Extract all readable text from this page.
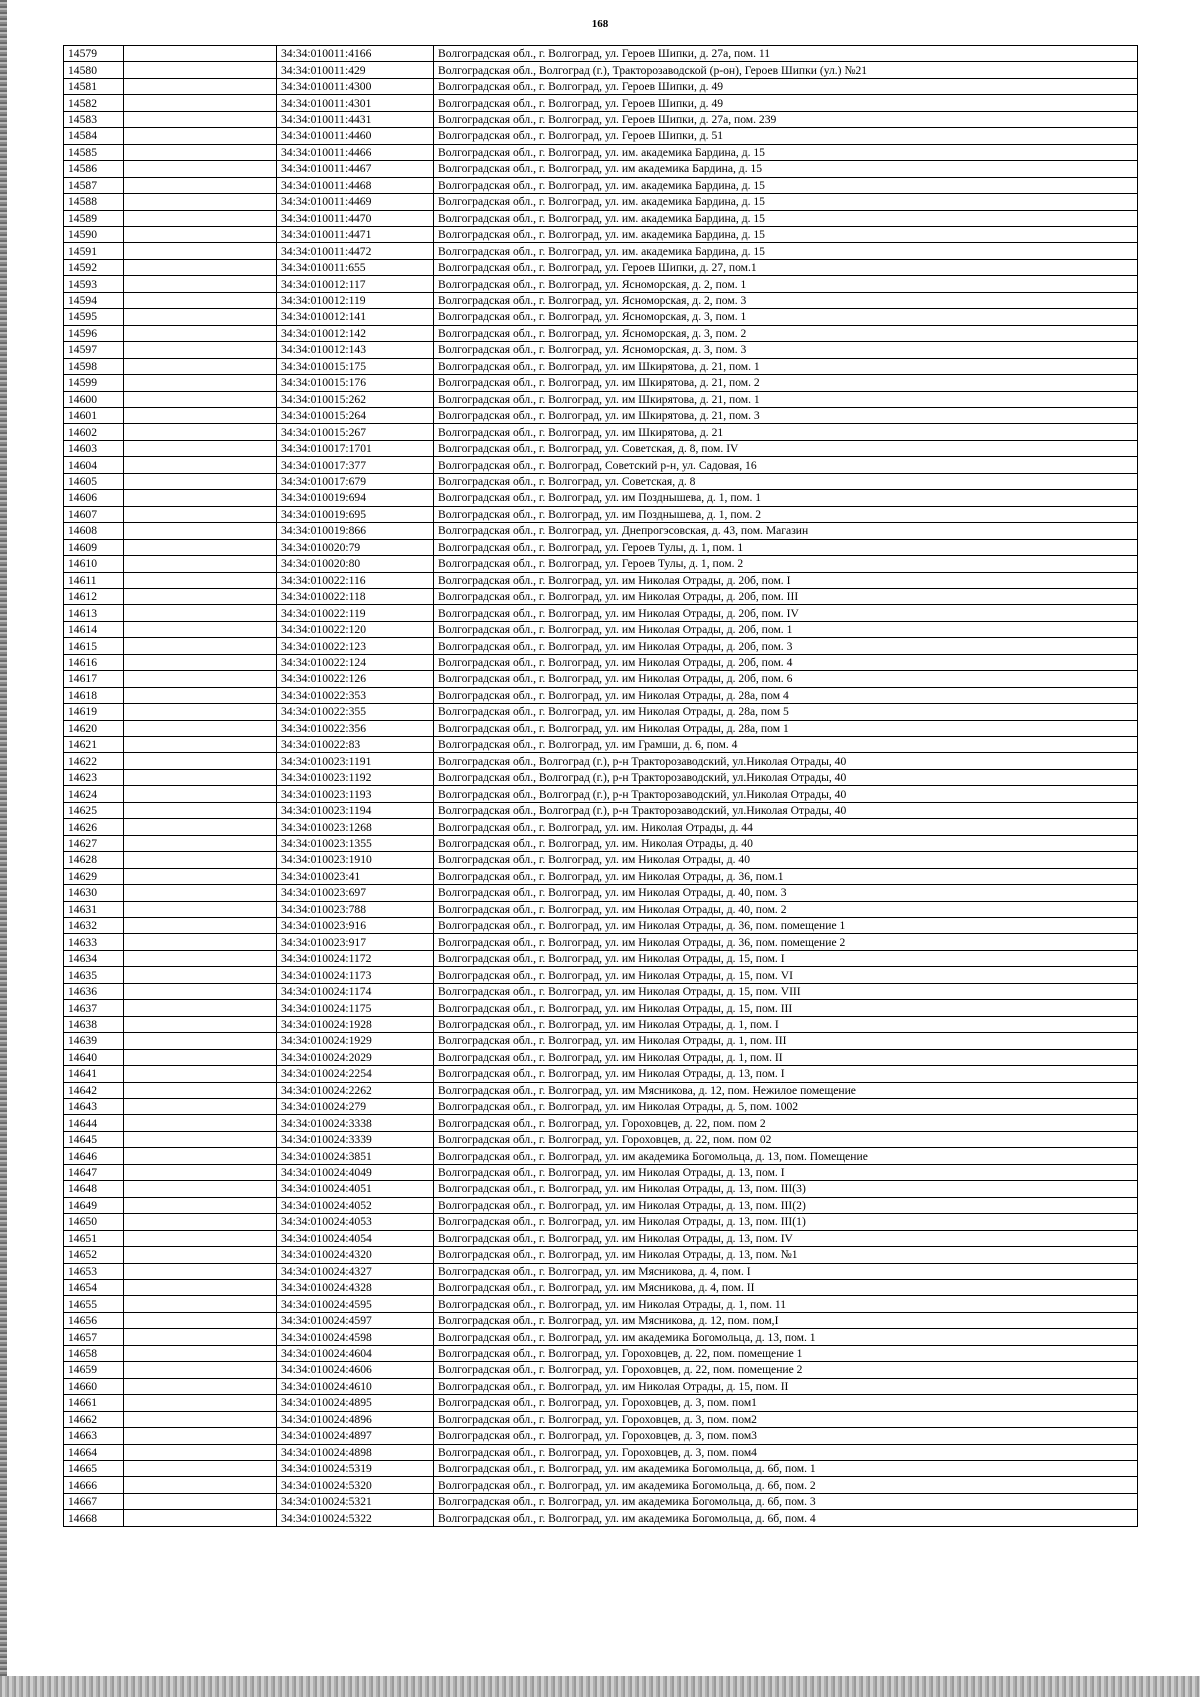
168
14579		34:34:010011:4166	Волгоградская обл., г. Волгоград, ул. Героев Шипки, д. 27а, пом. 11
14580		34:34:010011:429	Волгоградская обл., Волгоград (г.), Тракторозаводской (р-он), Героев Шипки (ул.) №21
14581		34:34:010011:4300	Волгоградская обл., г. Волгоград, ул. Героев Шипки, д. 49
14582		34:34:010011:4301	Волгоградская обл., г. Волгоград, ул. Героев Шипки, д. 49
14583		34:34:010011:4431	Волгоградская обл., г. Волгоград, ул. Героев Шипки, д. 27а, пом. 239
14584		34:34:010011:4460	Волгоградская обл., г. Волгоград, ул. Героев Шипки, д. 51
14585		34:34:010011:4466	Волгоградская обл., г. Волгоград, ул. им. академика Бардина, д. 15
14586		34:34:010011:4467	Волгоградская обл., г. Волгоград, ул. им академика Бардина, д. 15
14587		34:34:010011:4468	Волгоградская обл., г. Волгоград, ул. им. академика Бардина, д. 15
14588		34:34:010011:4469	Волгоградская обл., г. Волгоград, ул. им. академика Бардина, д. 15
14589		34:34:010011:4470	Волгоградская обл., г. Волгоград, ул. им. академика Бардина, д. 15
14590		34:34:010011:4471	Волгоградская обл., г. Волгоград, ул. им. академика Бардина, д. 15
14591		34:34:010011:4472	Волгоградская обл., г. Волгоград, ул. им. академика Бардина, д. 15
14592		34:34:010011:655	Волгоградская обл., г. Волгоград, ул. Героев Шипки, д. 27, пом.1
14593		34:34:010012:117	Волгоградская обл., г. Волгоград, ул. Ясноморская, д. 2, пом. 1
14594		34:34:010012:119	Волгоградская обл., г. Волгоград, ул. Ясноморская, д. 2, пом. 3
14595		34:34:010012:141	Волгоградская обл., г. Волгоград, ул. Ясноморская, д. 3, пом. 1
14596		34:34:010012:142	Волгоградская обл., г. Волгоград, ул. Ясноморская, д. 3, пом. 2
14597		34:34:010012:143	Волгоградская обл., г. Волгоград, ул. Ясноморская, д. 3, пом. 3
14598		34:34:010015:175	Волгоградская обл., г. Волгоград, ул. им Шкирятова, д. 21, пом. 1
14599		34:34:010015:176	Волгоградская обл., г. Волгоград, ул. им Шкирятова, д. 21, пом. 2
14600		34:34:010015:262	Волгоградская обл., г. Волгоград, ул. им Шкирятова, д. 21, пом. 1
14601		34:34:010015:264	Волгоградская обл., г. Волгоград, ул. им Шкирятова, д. 21, пом. 3
14602		34:34:010015:267	Волгоградская обл., г. Волгоград, ул. им Шкирятова, д. 21
14603		34:34:010017:1701	Волгоградская обл., г. Волгоград, ул. Советская, д. 8, пом. IV
14604		34:34:010017:377	Волгоградская обл., г. Волгоград, Советский р-н, ул. Садовая, 16
14605		34:34:010017:679	Волгоградская обл., г. Волгоград, ул. Советская, д. 8
14606		34:34:010019:694	Волгоградская обл., г. Волгоград, ул. им Позднышева, д. 1, пом. 1
14607		34:34:010019:695	Волгоградская обл., г. Волгоград, ул. им Позднышева, д. 1, пом. 2
14608		34:34:010019:866	Волгоградская обл., г. Волгоград, ул. Днепрогэсовская, д. 43, пом. Магазин
14609		34:34:010020:79	Волгоградская обл., г. Волгоград, ул. Героев Тулы, д. 1, пом. 1
14610		34:34:010020:80	Волгоградская обл., г. Волгоград, ул. Героев Тулы, д. 1, пом. 2
14611		34:34:010022:116	Волгоградская обл., г. Волгоград, ул. им Николая Отрады, д. 20б, пом. I
14612		34:34:010022:118	Волгоградская обл., г. Волгоград, ул. им Николая Отрады, д. 20б, пом. III
14613		34:34:010022:119	Волгоградская обл., г. Волгоград, ул. им Николая Отрады, д. 20б, пом. IV
14614		34:34:010022:120	Волгоградская обл., г. Волгоград, ул. им Николая Отрады, д. 20б, пом. 1
14615		34:34:010022:123	Волгоградская обл., г. Волгоград, ул. им Николая Отрады, д. 20б, пом. 3
14616		34:34:010022:124	Волгоградская обл., г. Волгоград, ул. им Николая Отрады, д. 20б, пом. 4
14617		34:34:010022:126	Волгоградская обл., г. Волгоград, ул. им Николая Отрады, д. 20б, пом. 6
14618		34:34:010022:353	Волгоградская обл., г. Волгоград, ул. им Николая Отрады, д. 28а, пом 4
14619		34:34:010022:355	Волгоградская обл., г. Волгоград, ул. им Николая Отрады, д. 28а, пом 5
14620		34:34:010022:356	Волгоградская обл., г. Волгоград, ул. им Николая Отрады, д. 28а, пом 1
14621		34:34:010022:83	Волгоградская обл., г. Волгоград, ул. им Грамши, д. 6, пом. 4
14622		34:34:010023:1191	Волгоградская обл., Волгоград (г.), р-н Тракторозаводский, ул.Николая Отрады, 40
14623		34:34:010023:1192	Волгоградская обл., Волгоград (г.), р-н Тракторозаводский, ул.Николая Отрады, 40
14624		34:34:010023:1193	Волгоградская обл., Волгоград (г.), р-н Тракторозаводский, ул.Николая Отрады, 40
14625		34:34:010023:1194	Волгоградская обл., Волгоград (г.), р-н Тракторозаводский, ул.Николая Отрады, 40
14626		34:34:010023:1268	Волгоградская обл., г. Волгоград, ул. им. Николая Отрады, д. 44
14627		34:34:010023:1355	Волгоградская обл., г. Волгоград, ул. им. Николая Отрады, д. 40
14628		34:34:010023:1910	Волгоградская обл., г. Волгоград, ул. им Николая Отрады, д. 40
14629		34:34:010023:41	Волгоградская обл., г. Волгоград, ул. им Николая Отрады, д. 36, пом.1
14630		34:34:010023:697	Волгоградская обл., г. Волгоград, ул. им Николая Отрады, д. 40, пом. 3
14631		34:34:010023:788	Волгоградская обл., г. Волгоград, ул. им Николая Отрады, д. 40, пом. 2
14632		34:34:010023:916	Волгоградская обл., г. Волгоград, ул. им Николая Отрады, д. 36, пом. помещение 1
14633		34:34:010023:917	Волгоградская обл., г. Волгоград, ул. им Николая Отрады, д. 36, пом. помещение 2
14634		34:34:010024:1172	Волгоградская обл., г. Волгоград, ул. им Николая Отрады, д. 15, пом. I
14635		34:34:010024:1173	Волгоградская обл., г. Волгоград, ул. им Николая Отрады, д. 15, пом. VI
14636		34:34:010024:1174	Волгоградская обл., г. Волгоград, ул. им Николая Отрады, д. 15, пом. VIII
14637		34:34:010024:1175	Волгоградская обл., г. Волгоград, ул. им Николая Отрады, д. 15, пом. III
14638		34:34:010024:1928	Волгоградская обл., г. Волгоград, ул. им Николая Отрады, д. 1, пом. I
14639		34:34:010024:1929	Волгоградская обл., г. Волгоград, ул. им Николая Отрады, д. 1, пом. III
14640		34:34:010024:2029	Волгоградская обл., г. Волгоград, ул. им Николая Отрады, д. 1, пом. II
14641		34:34:010024:2254	Волгоградская обл., г. Волгоград, ул. им Николая Отрады, д. 13, пом. I
14642		34:34:010024:2262	Волгоградская обл., г. Волгоград, ул. им Мясникова, д. 12, пом. Нежилое помещение
14643		34:34:010024:279	Волгоградская обл., г. Волгоград, ул. им Николая Отрады, д. 5, пом. 1002
14644		34:34:010024:3338	Волгоградская обл., г. Волгоград, ул. Гороховцев, д. 22, пом. пом 2
14645		34:34:010024:3339	Волгоградская обл., г. Волгоград, ул. Гороховцев, д. 22, пом. пом 02
14646		34:34:010024:3851	Волгоградская обл., г. Волгоград, ул. им академика Богомольца, д. 13, пом. Помещение
14647		34:34:010024:4049	Волгоградская обл., г. Волгоград, ул. им Николая Отрады, д. 13, пом. I
14648		34:34:010024:4051	Волгоградская обл., г. Волгоград, ул. им Николая Отрады, д. 13, пом. III(3)
14649		34:34:010024:4052	Волгоградская обл., г. Волгоград, ул. им Николая Отрады, д. 13, пом. III(2)
14650		34:34:010024:4053	Волгоградская обл., г. Волгоград, ул. им Николая Отрады, д. 13, пом. III(1)
14651		34:34:010024:4054	Волгоградская обл., г. Волгоград, ул. им Николая Отрады, д. 13, пом. IV
14652		34:34:010024:4320	Волгоградская обл., г. Волгоград, ул. им Николая Отрады, д. 13, пом. №1
14653		34:34:010024:4327	Волгоградская обл., г. Волгоград, ул. им Мясникова, д. 4, пом. I
14654		34:34:010024:4328	Волгоградская обл., г. Волгоград, ул. им Мясникова, д. 4, пом. II
14655		34:34:010024:4595	Волгоградская обл., г. Волгоград, ул. им Николая Отрады, д. 1, пом. 11
14656		34:34:010024:4597	Волгоградская обл., г. Волгоград, ул. им Мясникова, д. 12, пом. пом,I
14657		34:34:010024:4598	Волгоградская обл., г. Волгоград, ул. им академика Богомольца, д. 13, пом. 1
14658		34:34:010024:4604	Волгоградская обл., г. Волгоград, ул. Гороховцев, д. 22, пом. помещение 1
14659		34:34:010024:4606	Волгоградская обл., г. Волгоград, ул. Гороховцев, д. 22, пом. помещение 2
14660		34:34:010024:4610	Волгоградская обл., г. Волгоград, ул. им Николая Отрады, д. 15, пом. II
14661		34:34:010024:4895	Волгоградская обл., г. Волгоград, ул. Гороховцев, д. 3, пом. пом1
14662		34:34:010024:4896	Волгоградская обл., г. Волгоград, ул. Гороховцев, д. 3, пом. пом2
14663		34:34:010024:4897	Волгоградская обл., г. Волгоград, ул. Гороховцев, д. 3, пом. пом3
14664		34:34:010024:4898	Волгоградская обл., г. Волгоград, ул. Гороховцев, д. 3, пом. пом4
14665		34:34:010024:5319	Волгоградская обл., г. Волгоград, ул. им академика Богомольца, д. 6б, пом. 1
14666		34:34:010024:5320	Волгоградская обл., г. Волгоград, ул. им академика Богомольца, д. 6б, пом. 2
14667		34:34:010024:5321	Волгоградская обл., г. Волгоград, ул. им академика Богомольца, д. 6б, пом. 3
14668		34:34:010024:5322	Волгоградская обл., г. Волгоград, ул. им академика Богомольца, д. 6б, пом. 4
